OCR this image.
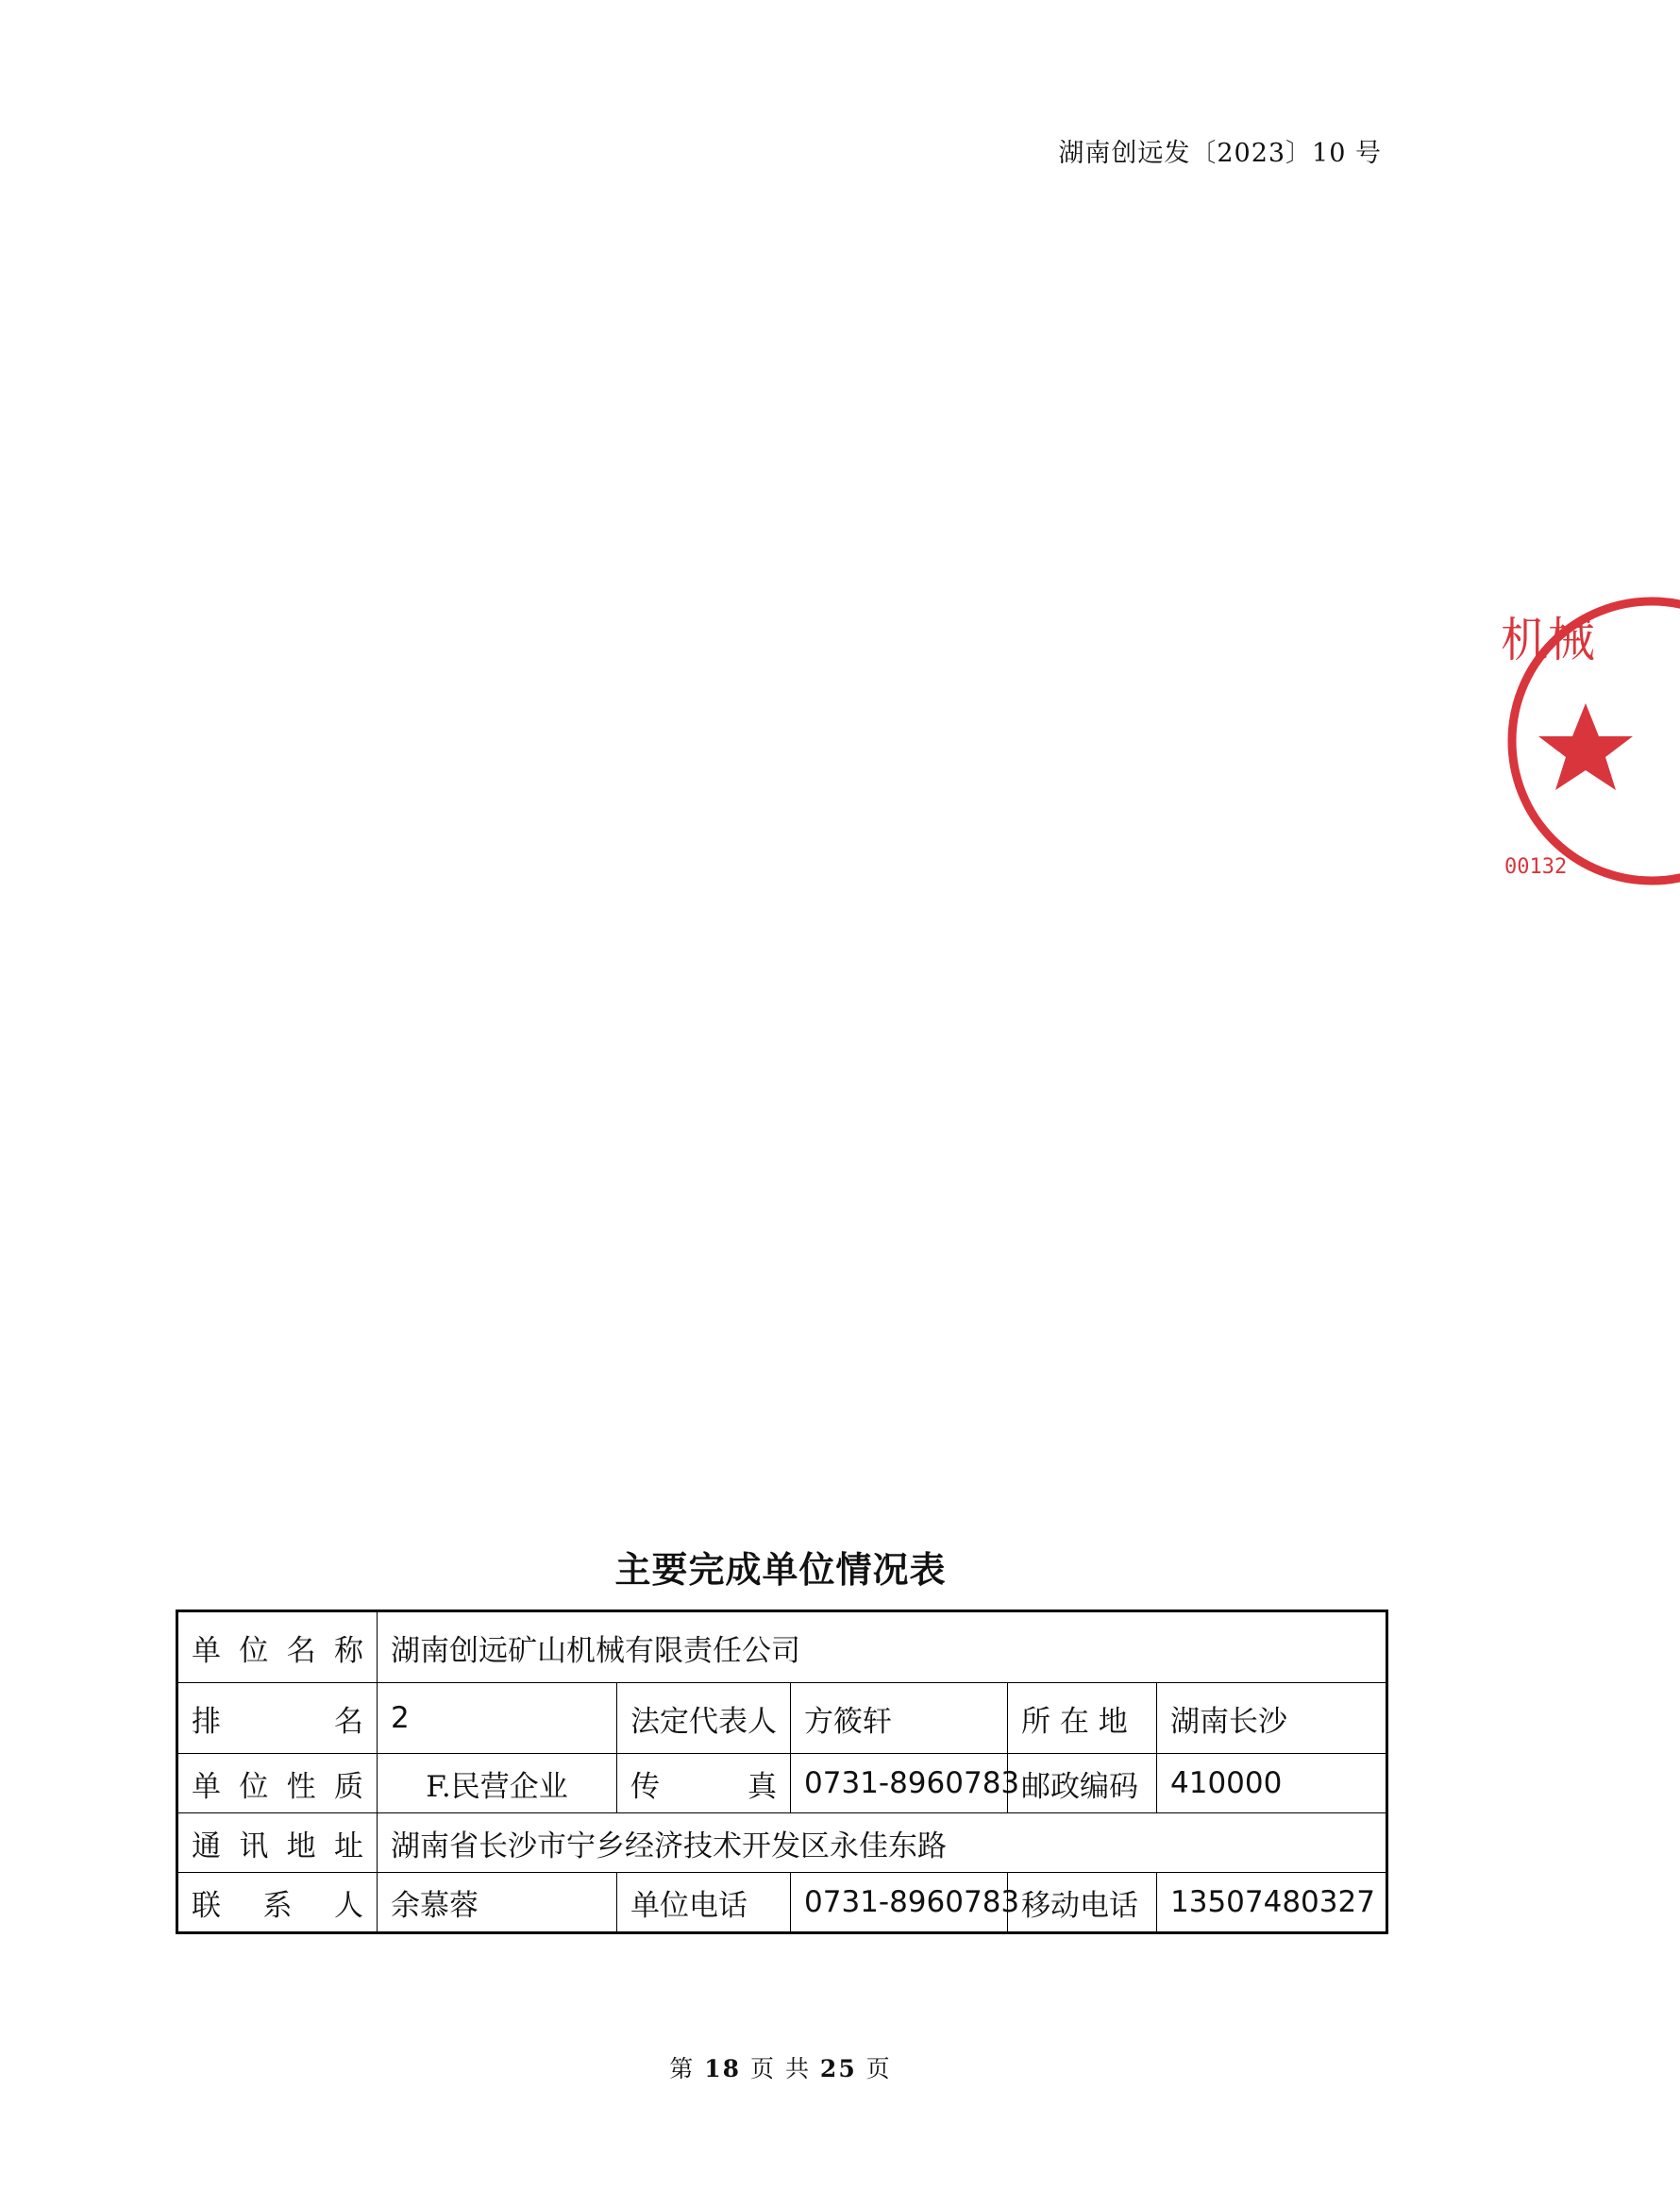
湖南创远发〔2023〕10 号
机械
00132
主要完成单位情况表
单位名称	湖南创远矿山机械有限责任公司				
排　　名	2	法定代表人	方筱轩	所 在 地	湖南长沙
单位性质	F.民营企业	传　　真	0731-8960783	邮政编码	410000
通讯地址	湖南省长沙市宁乡经济技术开发区永佳东路				
联 系 人	余慕蓉	单位电话	0731-8960783	移动电话	13507480327
第 18 页 共 25 页
